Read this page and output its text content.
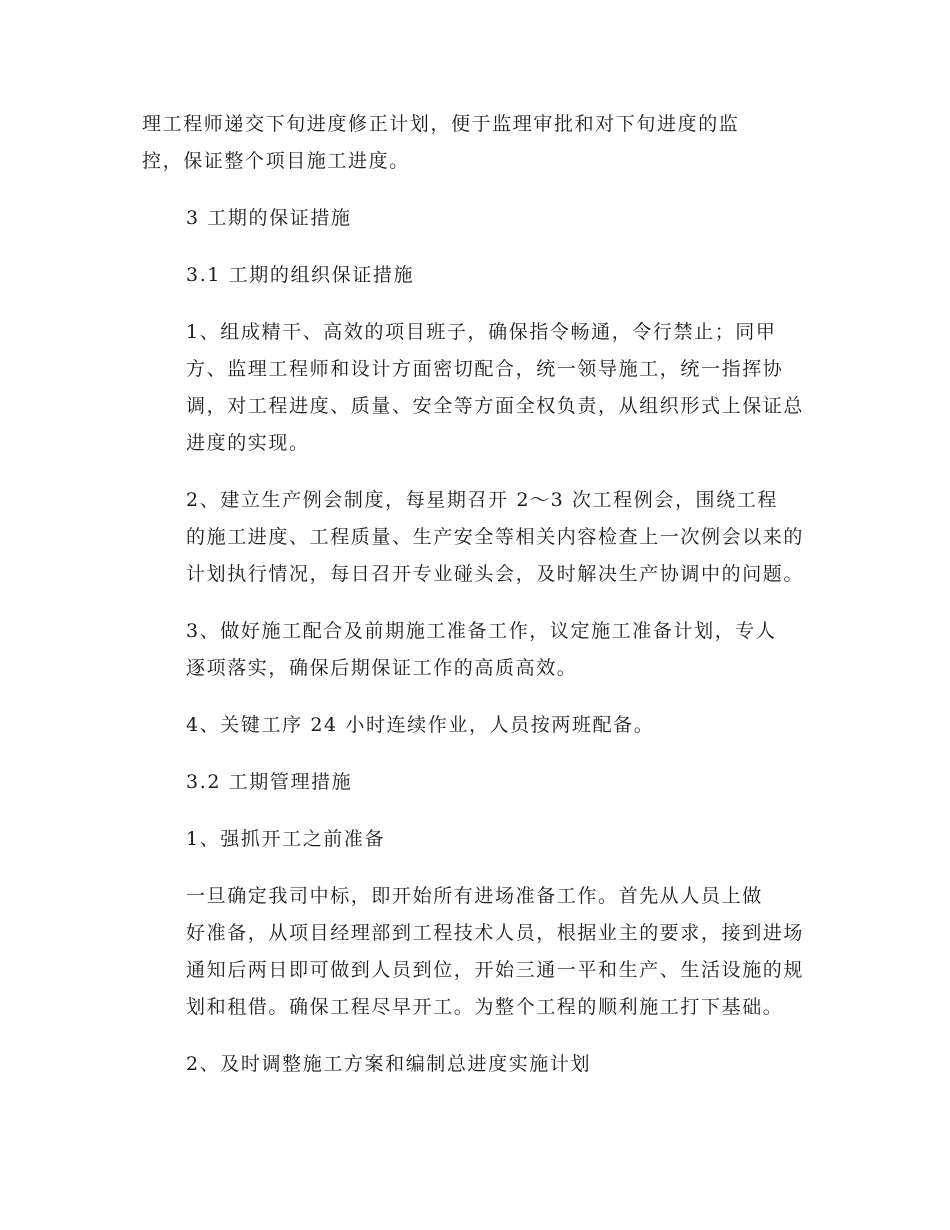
理工程师递交下旬进度修正计划，便于监理审批和对下旬进度的监
控，保证整个项目施工进度。

3 工期的保证措施

3.1 工期的组织保证措施

1、组成精干、高效的项目班子，确保指令畅通，令行禁止；同甲
方、监理工程师和设计方面密切配合，统一领导施工，统一指挥协
调，对工程进度、质量、安全等方面全权负责，从组织形式上保证总
进度的实现。

2、建立生产例会制度，每星期召开 2～3 次工程例会，围绕工程
的施工进度、工程质量、生产安全等相关内容检查上一次例会以来的
计划执行情况，每日召开专业碰头会，及时解决生产协调中的问题。

3、做好施工配合及前期施工准备工作，议定施工准备计划，专人
逐项落实，确保后期保证工作的高质高效。

4、关键工序 24 小时连续作业，人员按两班配备。

3.2 工期管理措施

1、强抓开工之前准备

一旦确定我司中标，即开始所有进场准备工作。首先从人员上做
好准备，从项目经理部到工程技术人员，根据业主的要求，接到进场
通知后两日即可做到人员到位，开始三通一平和生产、生活设施的规
划和租借。确保工程尽早开工。为整个工程的顺利施工打下基础。

2、及时调整施工方案和编制总进度实施计划
